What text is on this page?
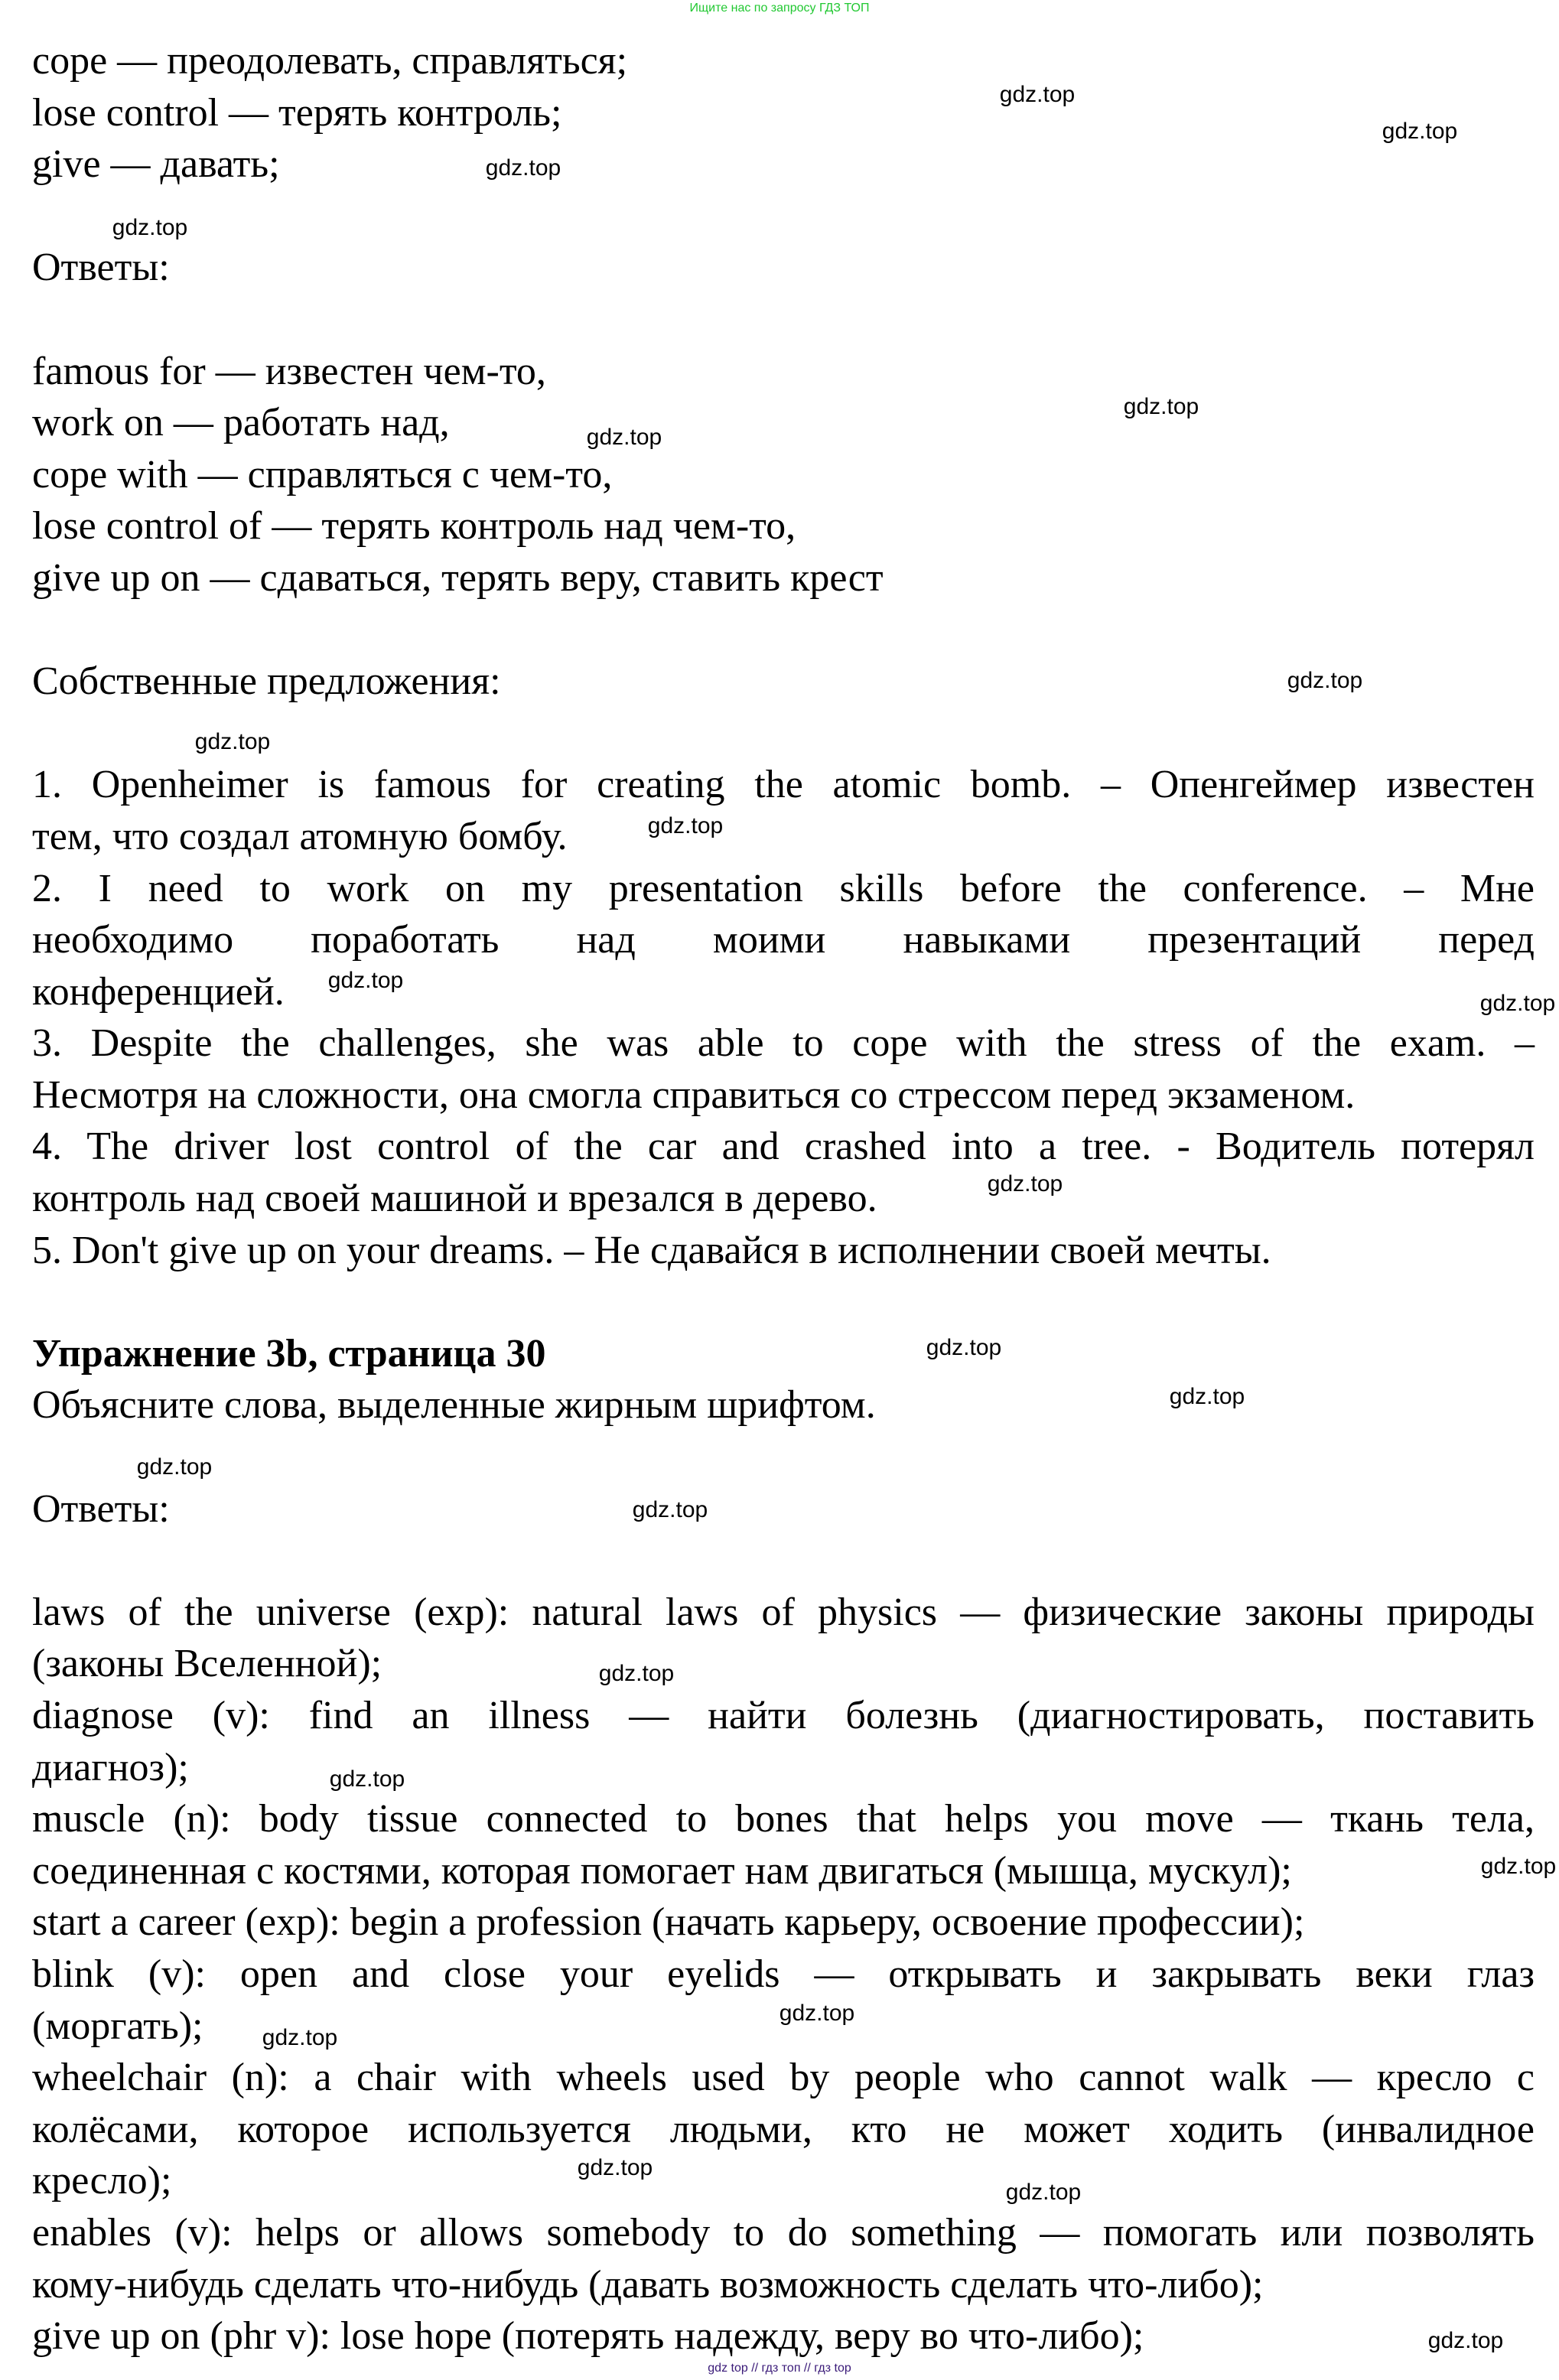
Ищите нас по запросу ГДЗ ТОП
cope — преодолевать, справляться;
lose control — терять контроль;
give — давать;
Ответы:
famous for — известен чем-то,
work on — работать над,
cope with — справляться с чем-то,
lose control of — терять контроль над чем-то,
give up on — сдаваться, терять веру, ставить крест
Собственные предложения:
1. Openheimer is famous for creating the atomic bomb. – Опенгеймер известен
тем, что создал атомную бомбу.
2. I need to work on my presentation skills before the conference. – Мне
необходимо поработать над моими навыками презентаций перед
конференцией.
3. Despite the challenges, she was able to cope with the stress of the exam. –
Несмотря на сложности, она смогла справиться со стрессом перед экзаменом.
4. The driver lost control of the car and crashed into a tree. - Водитель потерял
контроль над своей машиной и врезался в дерево.
5. Don't give up on your dreams. – Не сдавайся в исполнении своей мечты.
Упражнение 3b, страница 30
Объясните слова, выделенные жирным шрифтом.
Ответы:
laws of the universe (exp): natural laws of physics — физические законы природы
(законы Вселенной);
diagnose (v): find an illness — найти болезнь (диагностировать, поставить
диагноз);
muscle (n): body tissue connected to bones that helps you move — ткань тела,
соединенная с костями, которая помогает нам двигаться (мышца, мускул);
start a career (exp): begin a profession (начать карьеру, освоение профессии);
blink (v): open and close your eyelids — открывать и закрывать веки глаз
(моргать);
wheelchair (n): a chair with wheels used by people who cannot walk — кресло с
колёсами, которое используется людьми, кто не может ходить (инвалидное
кресло);
enables (v): helps or allows somebody to do something — помогать или позволять
кому-нибудь сделать что-нибудь (давать возможность сделать что-либо);
give up on (phr v): lose hope (потерять надежду, веру во что-либо);
gdz.top
gdz.top
gdz.top
gdz.top
gdz.top
gdz.top
gdz.top
gdz.top
gdz.top
gdz.top
gdz.top
gdz.top
gdz.top
gdz.top
gdz.top
gdz.top
gdz.top
gdz.top
gdz.top
gdz.top
gdz.top
gdz.top
gdz.top
gdz.top
gdz top // гдз топ // гдз top
